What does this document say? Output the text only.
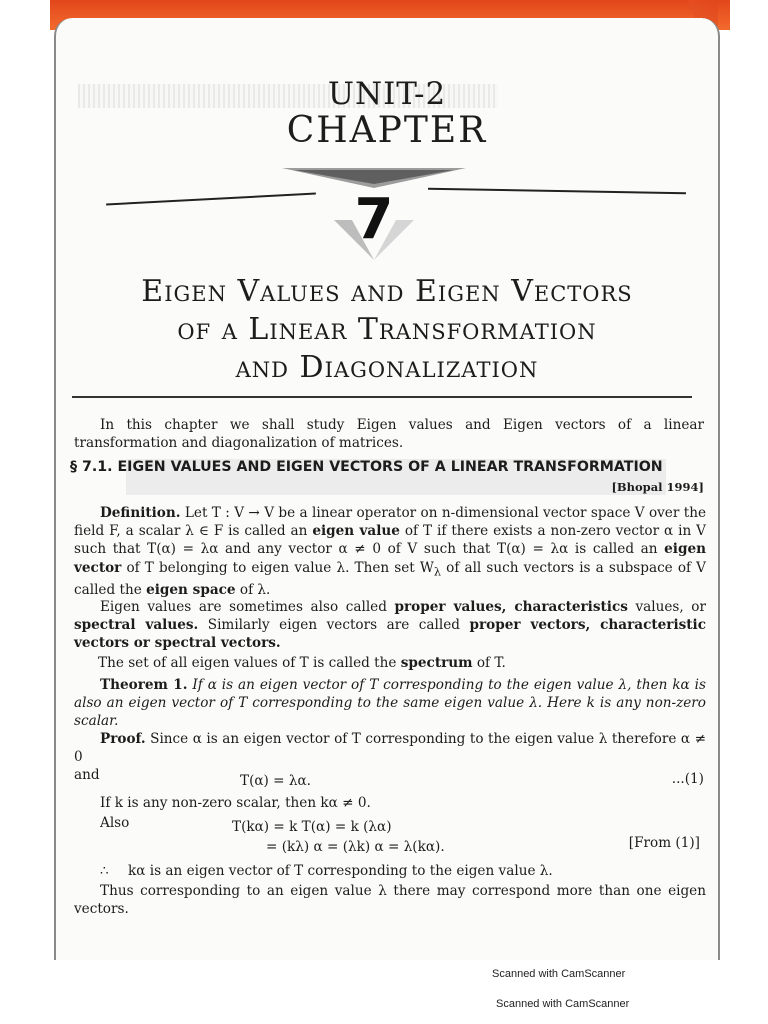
UNIT-2
CHAPTER
7
Eigen Values and Eigen Vectors
of a Linear Transformation
and Diagonalization
In this chapter we shall study Eigen values and Eigen vectors of a linear transformation and diagonalization of matrices.
§ 7.1. EIGEN VALUES AND EIGEN VECTORS OF A LINEAR TRANSFORMATION
[Bhopal 1994]
Definition. Let T : V → V be a linear operator on n-dimensional vector space V over the field F, a scalar λ ∈ F is called an eigen value of T if there exists a non-zero vector α in V such that T(α) = λα and any vector α ≠ 0 of V such that T(α) = λα is called an eigen vector of T belonging to eigen value λ. Then set $W_\lambda$ of all such vectors is a subspace of V called the eigen space of λ.
Eigen values are sometimes also called proper values, characteristics values, or spectral values. Similarly eigen vectors are called proper vectors, characteristic vectors or spectral vectors.
The set of all eigen values of T is called the spectrum of T.
Theorem 1. If α is an eigen vector of T corresponding to the eigen value λ, then kα is also an eigen vector of T corresponding to the same eigen value λ. Here k is any non-zero scalar.
Proof. Since α is an eigen vector of T corresponding to the eigen value λ therefore α ≠ 0
and	T(α) = λα.	...(1)
If k is any non-zero scalar, then kα ≠ 0.
Also	T(kα) = k T(α) = k (λα)
= (kλ) α = (λk) α = λ(kα).	[From (1)]
∴ kα is an eigen vector of T corresponding to the eigen value λ.
Thus corresponding to an eigen value λ there may correspond more than one eigen vectors.
Scanned with CamScanner
Scanned with CamScanner
